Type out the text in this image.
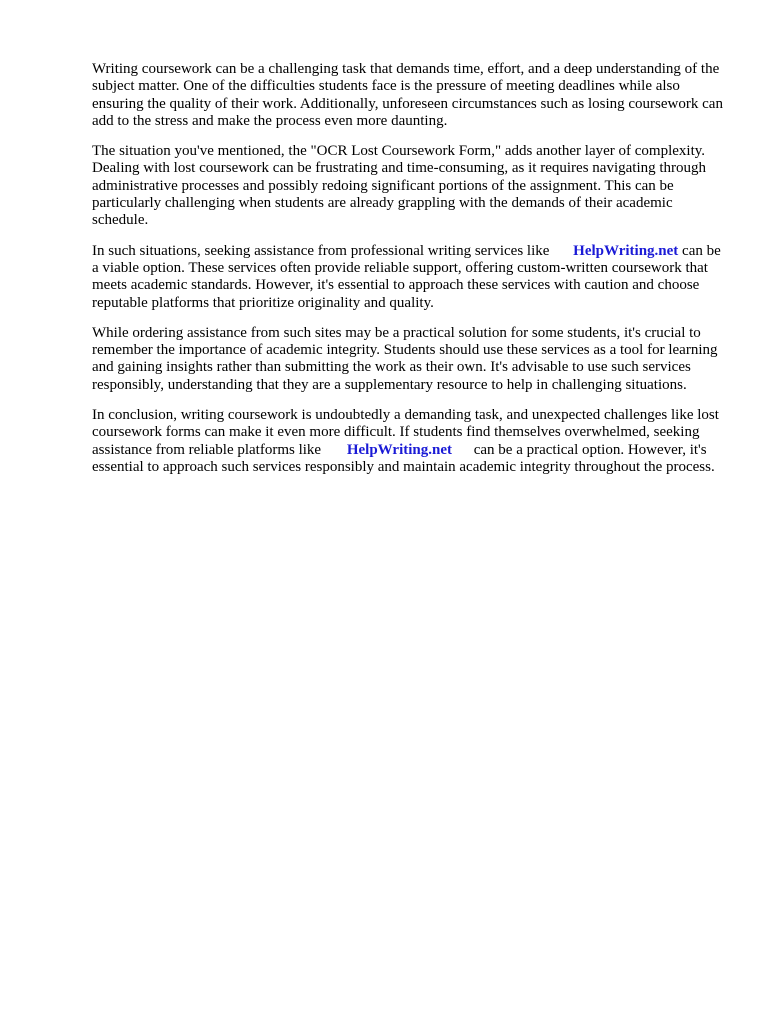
Writing coursework can be a challenging task that demands time, effort, and a deep understanding of the subject matter. One of the difficulties students face is the pressure of meeting deadlines while also ensuring the quality of their work. Additionally, unforeseen circumstances such as losing coursework can add to the stress and make the process even more daunting.

The situation you've mentioned, the "OCR Lost Coursework Form," adds another layer of complexity. Dealing with lost coursework can be frustrating and time-consuming, as it requires navigating through administrative processes and possibly redoing significant portions of the assignment. This can be particularly challenging when students are already grappling with the demands of their academic schedule.

In such situations, seeking assistance from professional writing services like HelpWriting.net can be a viable option. These services often provide reliable support, offering custom-written coursework that meets academic standards. However, it's essential to approach these services with caution and choose reputable platforms that prioritize originality and quality.

While ordering assistance from such sites may be a practical solution for some students, it's crucial to remember the importance of academic integrity. Students should use these services as a tool for learning and gaining insights rather than submitting the work as their own. It's advisable to use such services responsibly, understanding that they are a supplementary resource to help in challenging situations.

In conclusion, writing coursework is undoubtedly a demanding task, and unexpected challenges like lost coursework forms can make it even more difficult. If students find themselves overwhelmed, seeking assistance from reliable platforms like HelpWriting.net can be a practical option. However, it's essential to approach such services responsibly and maintain academic integrity throughout the process.
